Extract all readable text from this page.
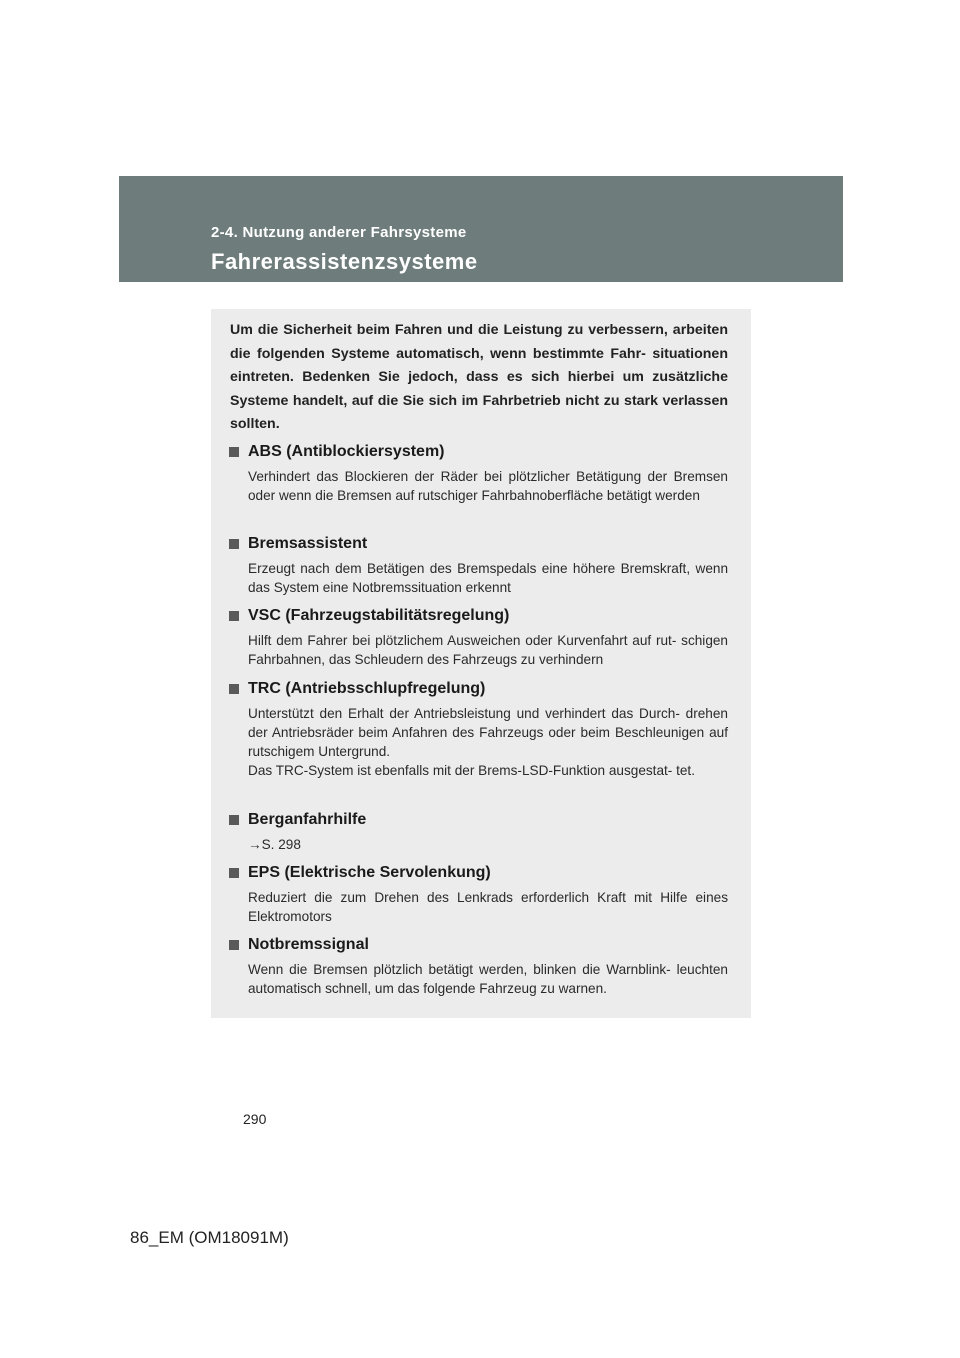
2-4. Nutzung anderer Fahrsysteme
Fahrerassistenzsysteme
Um die Sicherheit beim Fahren und die Leistung zu verbessern, arbeiten die folgenden Systeme automatisch, wenn bestimmte Fahr- situationen eintreten. Bedenken Sie jedoch, dass es sich hierbei um zusätzliche Systeme handelt, auf die Sie sich im Fahrbetrieb nicht zu stark verlassen sollten.
ABS (Antiblockiersystem)
Verhindert das Blockieren der Räder bei plötzlicher Betätigung der Bremsen oder wenn die Bremsen auf rutschiger Fahrbahnoberfläche betätigt werden
Bremsassistent
Erzeugt nach dem Betätigen des Bremspedals eine höhere Bremskraft, wenn das System eine Notbremssituation erkennt
VSC (Fahrzeugstabilitätsregelung)
Hilft dem Fahrer bei plötzlichem Ausweichen oder Kurvenfahrt auf rut- schigen Fahrbahnen, das Schleudern des Fahrzeugs zu verhindern
TRC (Antriebsschlupfregelung)
Unterstützt den Erhalt der Antriebsleistung und verhindert das Durch- drehen der Antriebsräder beim Anfahren des Fahrzeugs oder beim Beschleunigen auf rutschigem Untergrund.
Das TRC-System ist ebenfalls mit der Brems-LSD-Funktion ausgestat- tet.
Berganfahrhilfe
→S. 298
EPS (Elektrische Servolenkung)
Reduziert die zum Drehen des Lenkrads erforderlich Kraft mit Hilfe eines Elektromotors
Notbremssignal
Wenn die Bremsen plötzlich betätigt werden, blinken die Warnblink- leuchten automatisch schnell, um das folgende Fahrzeug zu warnen.
290
86_EM (OM18091M)
